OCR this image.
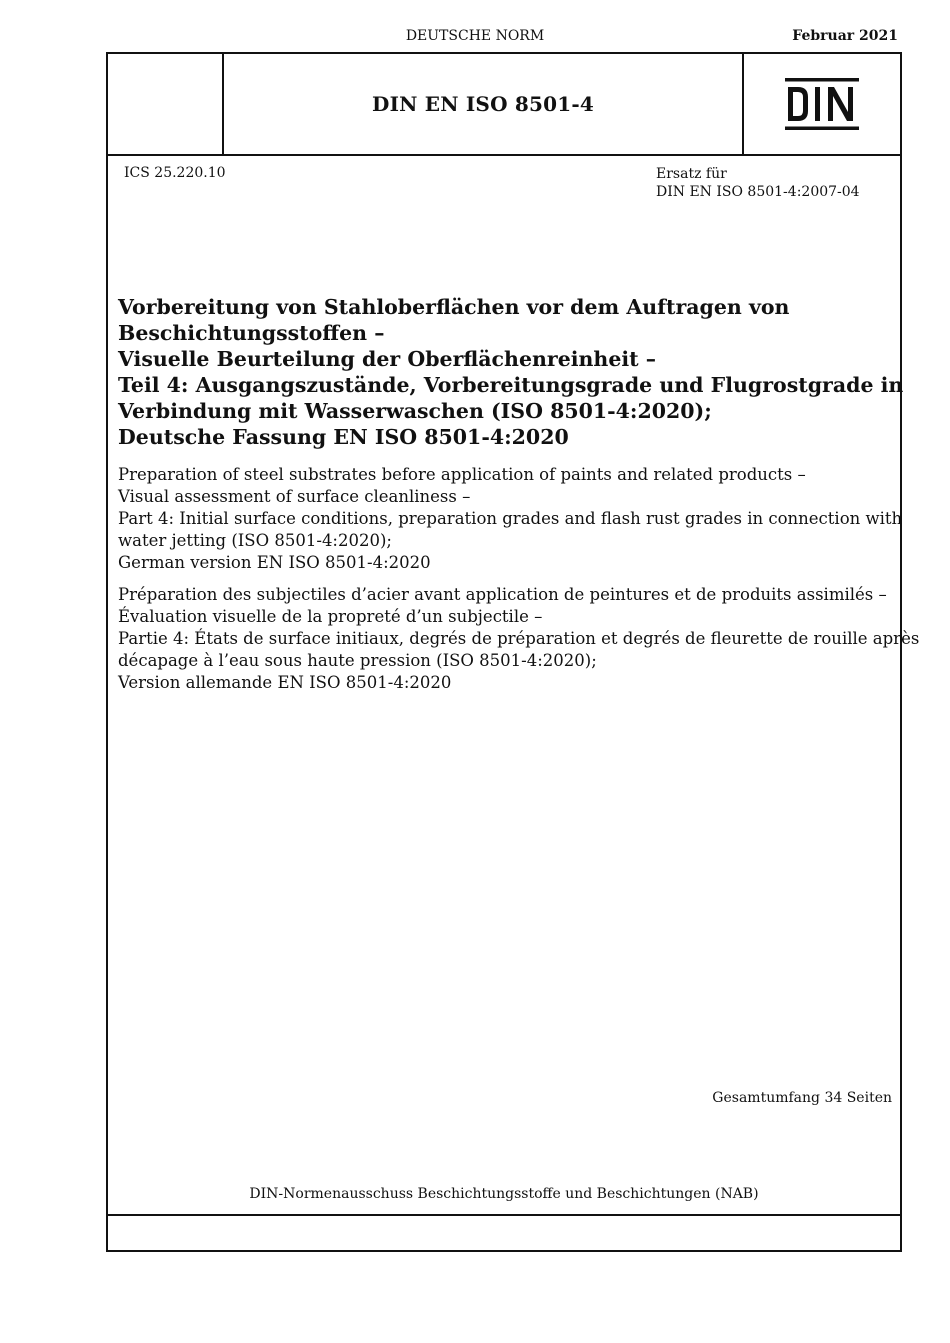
DEUTSCHE NORM	Februar 2021
DIN EN ISO 8501-4
ICS 25.220.10	Ersatz für
DIN EN ISO 8501-4:2007-04
Vorbereitung von Stahloberflächen vor dem Auftragen von
Beschichtungsstoffen –
Visuelle Beurteilung der Oberflächenreinheit –
Teil 4: Ausgangszustände, Vorbereitungsgrade und Flugrostgrade in
Verbindung mit Wasserwaschen (ISO 8501-4:2020);
Deutsche Fassung EN ISO 8501-4:2020
Preparation of steel substrates before application of paints and related products –
Visual assessment of surface cleanliness –
Part 4: Initial surface conditions, preparation grades and flash rust grades in connection with
water jetting (ISO 8501-4:2020);
German version EN ISO 8501-4:2020
Préparation des subjectiles d’acier avant application de peintures et de produits assimilés –
Évaluation visuelle de la propreté d’un subjectile –
Partie 4: États de surface initiaux, degrés de préparation et degrés de fleurette de rouille après
décapage à l’eau sous haute pression (ISO 8501-4:2020);
Version allemande EN ISO 8501-4:2020
Gesamtumfang 34 Seiten
DIN-Normenausschuss Beschichtungsstoffe und Beschichtungen (NAB)
